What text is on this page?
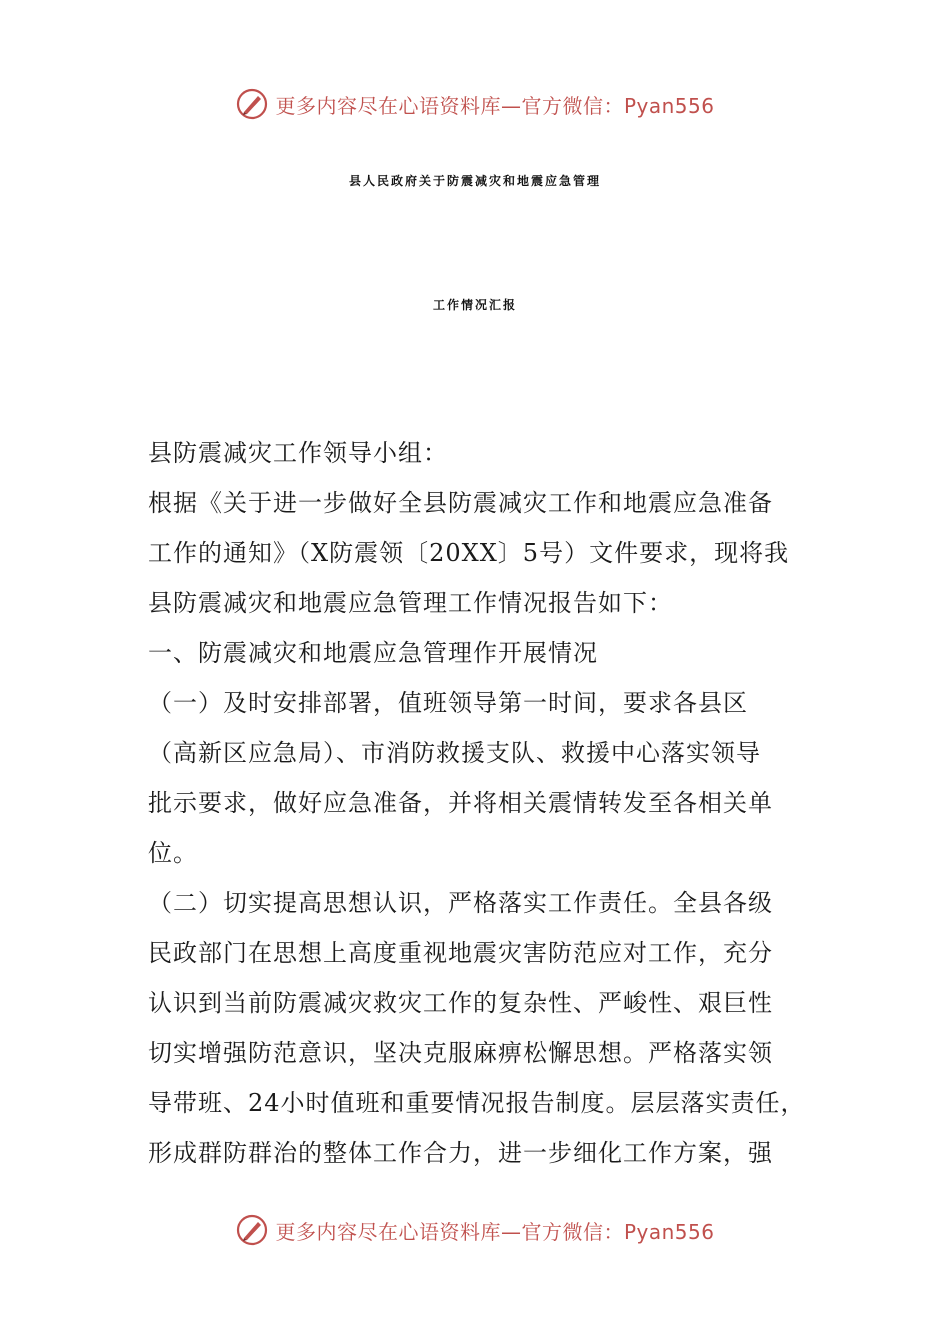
更多内容尽在心语资料库—官方微信：Pyan556
县人民政府关于防震减灾和地震应急管理
工作情况汇报
县防震减灾工作领导小组：
根据《关于进一步做好全县防震减灾工作和地震应急准备
工作的通知》（X防震领〔20XX〕5号）文件要求，现将我
县防震减灾和地震应急管理工作情况报告如下：
一、防震减灾和地震应急管理作开展情况
（一）及时安排部署，值班领导第一时间，要求各县区
（高新区应急局）、市消防救援支队、救援中心落实领导
批示要求，做好应急准备，并将相关震情转发至各相关单
位。
（二）切实提高思想认识，严格落实工作责任。全县各级
民政部门在思想上高度重视地震灾害防范应对工作，充分
认识到当前防震减灾救灾工作的复杂性、严峻性、艰巨性
切实增强防范意识，坚决克服麻痹松懈思想。严格落实领
导带班、24小时值班和重要情况报告制度。层层落实责任，
形成群防群治的整体工作合力，进一步细化工作方案，强
更多内容尽在心语资料库—官方微信：Pyan556
